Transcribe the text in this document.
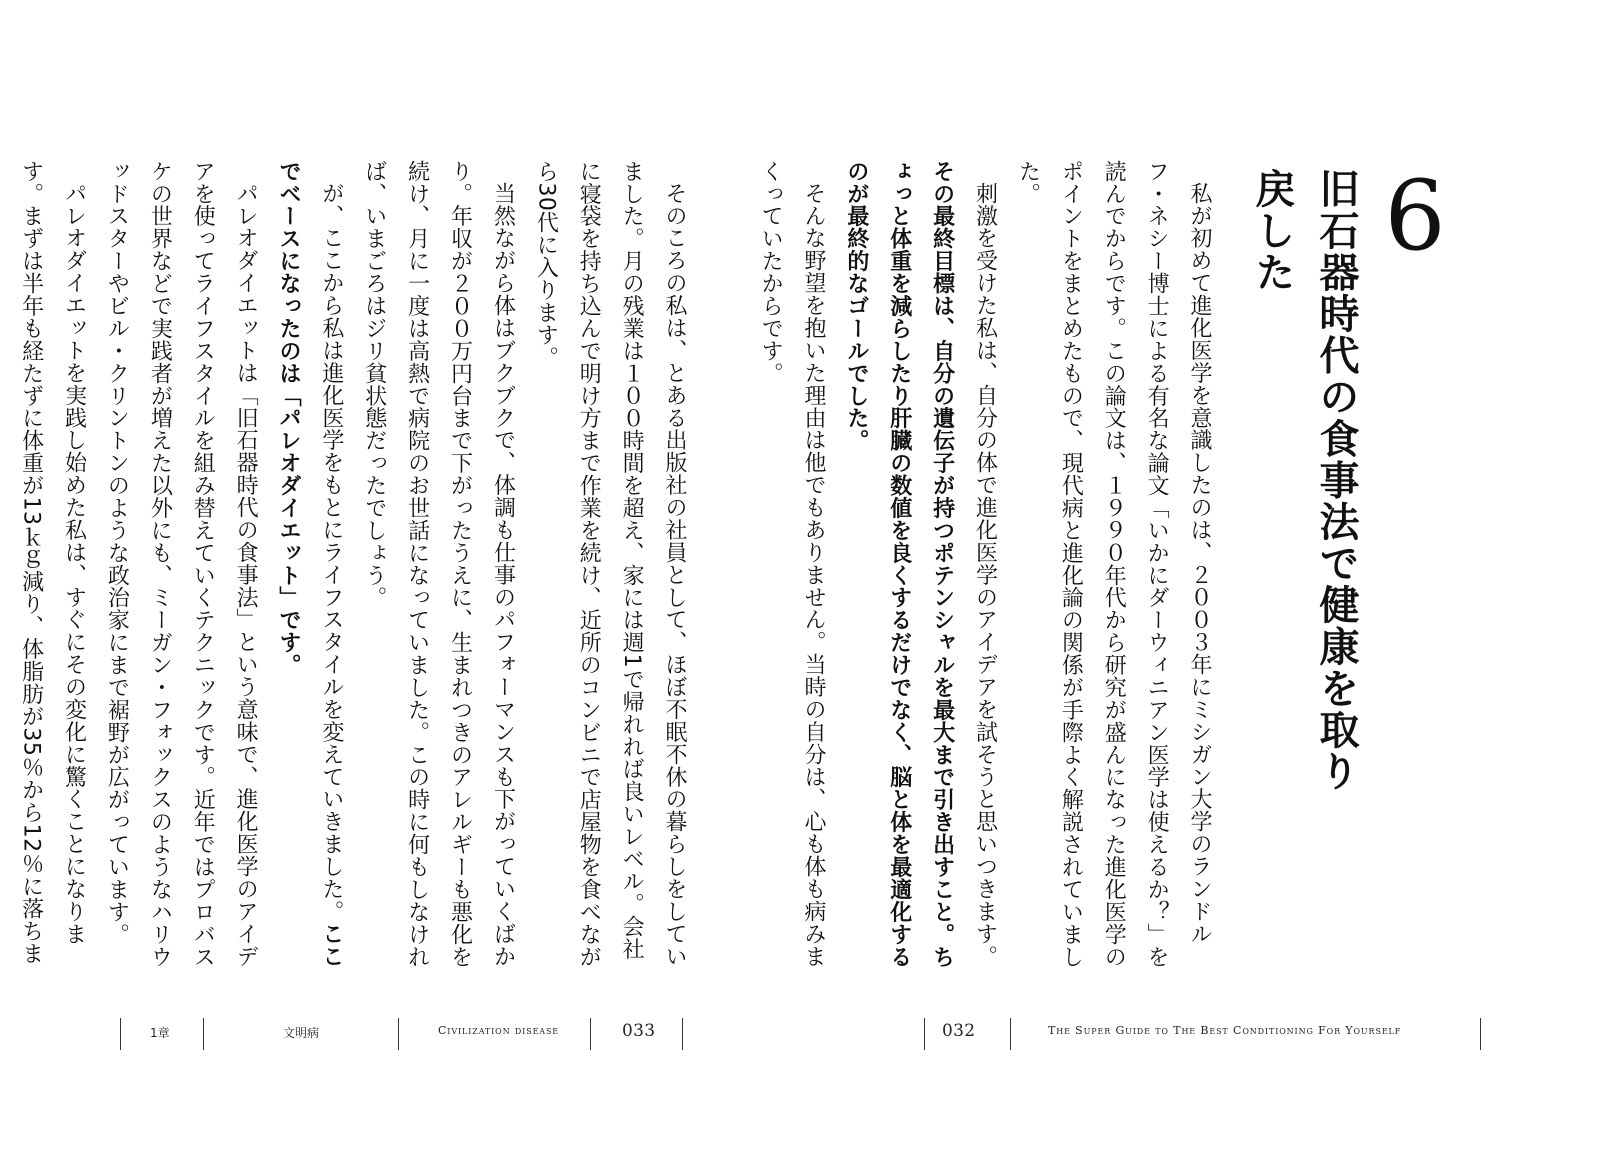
6
旧石器時代の食事法で健康を取り戻した

私が初めて進化医学を意識したのは、２００３年にミシガン大学のランドルフ・ネシー博士による有名な論文「いかにダーウィニアン医学は使えるか？」を読んでからです。この論文は、１９９０年代から研究が盛んになった進化医学のポイントをまとめたもので、現代病と進化論の関係が手際よく解説されていました。

刺激を受けた私は、自分の体で進化医学のアイデアを試そうと思いつきます。

その最終目標は、自分の遺伝子が持つポテンシャルを最大まで引き出すこと。ちょっと体重を減らしたり肝臓の数値を良くするだけでなく、脳と体を最適化するのが最終的なゴールでした。

そんな野望を抱いた理由は他でもありません。当時の自分は、心も体も病みまくっていたからです。

そのころの私は、とある出版社の社員として、ほぼ不眠不休の暮らしをしていました。月の残業は１００時間を超え、家には週1で帰れれば良いレベル。会社に寝袋を持ち込んで明け方まで作業を続け、近所のコンビニで店屋物を食べながら30代に入ります。

当然ながら体はブクブクで、体調も仕事のパフォーマンスも下がっていくばかり。年収が２００万円台まで下がったうえに、生まれつきのアレルギーも悪化を続け、月に一度は高熱で病院のお世話になっていました。この時に何もしなければ、いまごろはジリ貧状態だったでしょう。

が、ここから私は進化医学をもとにライフスタイルを変えていきました。ここでベースになったのは「パレオダイエット」です。

パレオダイエットは「旧石器時代の食事法」という意味で、進化医学のアイデアを使ってライフスタイルを組み替えていくテクニックです。近年ではプロバスケの世界などで実践者が増えた以外にも、ミーガン・フォックスのようなハリウッドスターやビル・クリントンのような政治家にまで裾野が広がっています。

パレオダイエットを実践し始めた私は、すぐにその変化に驚くことになります。まずは半年も経たずに体重が13ｋｇ減り、体脂肪が35％から12％に落ちま

1章	文明病	Civilization disease	033	032	The Super Guide to The Best Conditioning For Yourself
